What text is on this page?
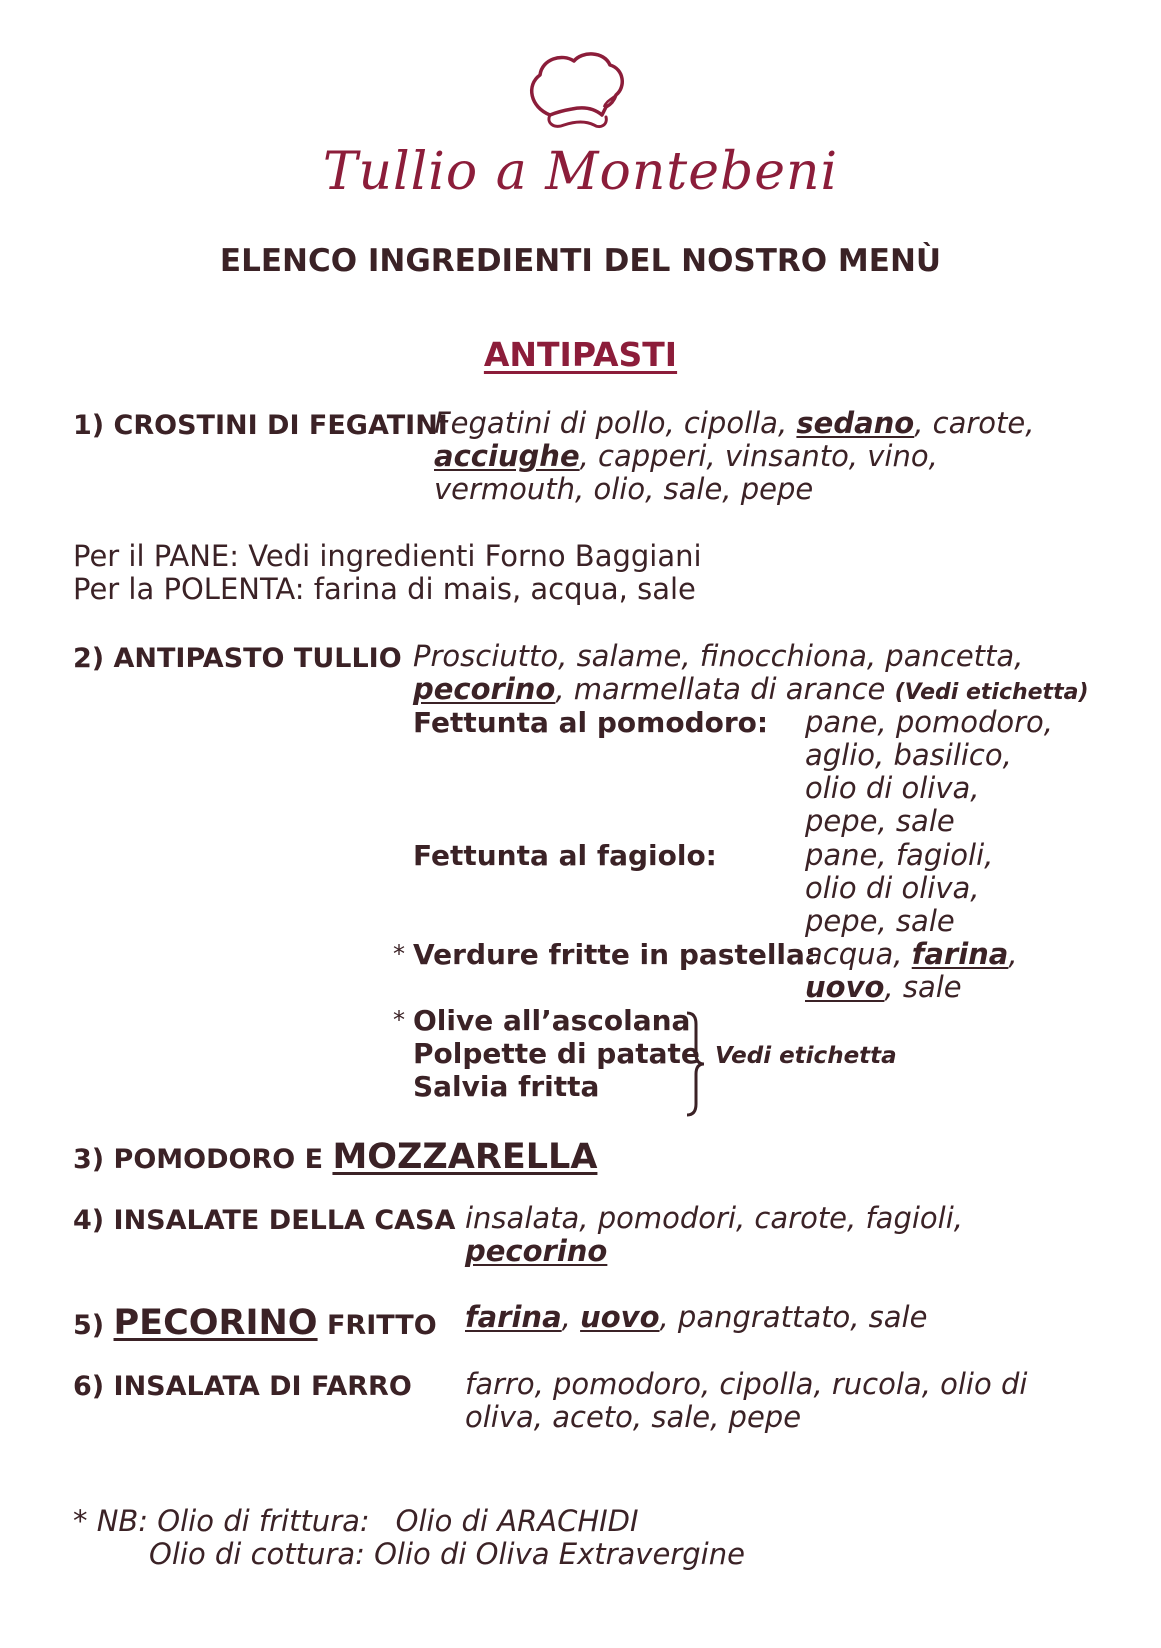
Tullio a Montebeni
ELENCO INGREDIENTI DEL NOSTRO MENÙ
ANTIPASTI
1) CROSTINI DI FEGATINI
Fegatini di pollo, cipolla, sedano, carote,
acciughe, capperi, vinsanto, vino,
vermouth, olio, sale, pepe
Per il PANE: Vedi ingredienti Forno Baggiani
Per la POLENTA: farina di mais, acqua, sale
2) ANTIPASTO TULLIO Prosciutto, salame, finocchiona, pancetta,
pecorino, marmellata di arance (Vedi etichetta)
Fettunta al pomodoro: pane, pomodoro,
aglio, basilico,
olio di oliva,
pepe, sale
Fettunta al fagiolo:	pane, fagioli,
olio di oliva,
pepe, sale
* Verdure fritte in pastella:
acqua, farina,
uovo, sale
* Olive all’ascolana
Polpette di patate
Salvia fritta
Vedi etichetta
3) POMODORO E MOZZARELLA
4) INSALATE DELLA CASA insalata, pomodori, carote, fagioli,
pecorino
5) PECORINO FRITTO farina, uovo, pangrattato, sale
6) INSALATA DI FARRO farro, pomodoro, cipolla, rucola, olio di
oliva, aceto, sale, pepe
* NB: Olio di frittura: Olio di ARACHIDI
Olio di cottura: Olio di Oliva Extravergine
